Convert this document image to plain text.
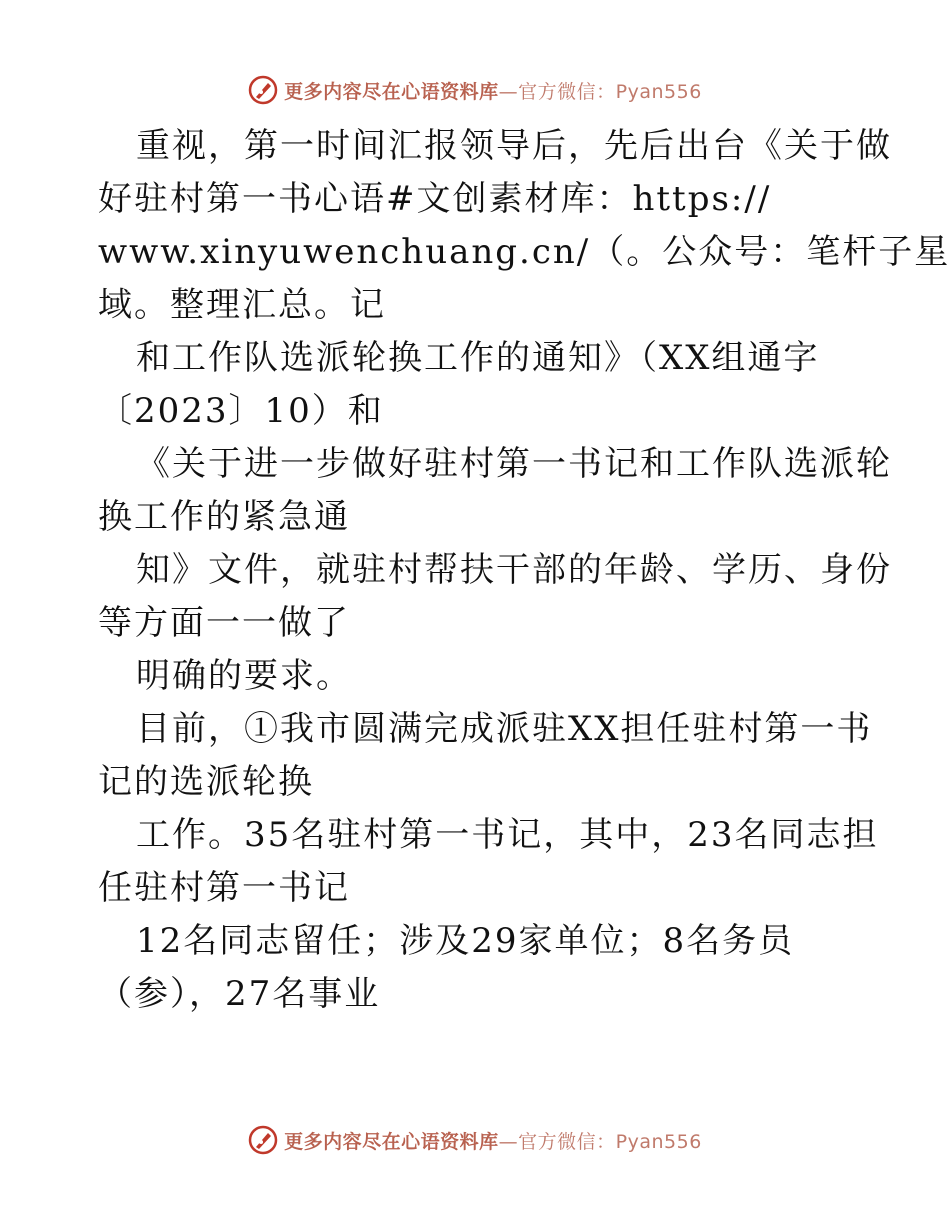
更多内容尽在心语资料库—官方微信：Pyan556
重视，第一时间汇报领导后，先后出台《关于做
好驻村第一书心语#文创素材库：https://
www.xinyuwenchuang.cn/（。公众号：笔杆子星
域。整理汇总。记
和工作队选派轮换工作的通知》（XX组通字
〔2023〕10）和
《关于进一步做好驻村第一书记和工作队选派轮
换工作的紧急通
知》文件，就驻村帮扶干部的年龄、学历、身份
等方面一一做了
明确的要求。
目前，①我市圆满完成派驻XX担任驻村第一书
记的选派轮换
工作。35名驻村第一书记，其中，23名同志担
任驻村第一书记
12名同志留任；涉及29家单位；8名务员
（参），27名事业
更多内容尽在心语资料库—官方微信：Pyan556
